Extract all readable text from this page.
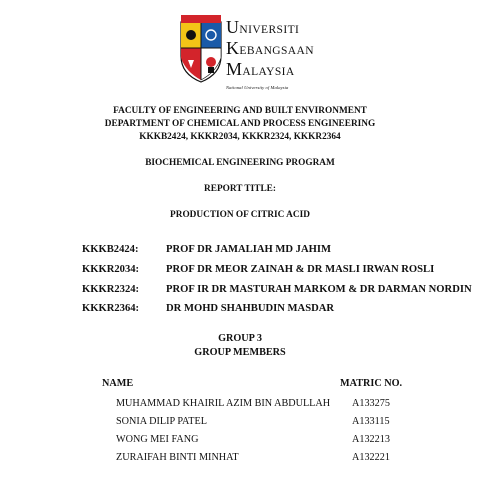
UNIVERSITI
KEBANGSAAN
MALAYSIA
National University of Malaysia
FACULTY OF ENGINEERING AND BUILT ENVIRONMENT
DEPARTMENT OF CHEMICAL AND PROCESS ENGINEERING
KKKB2424, KKKR2034, KKKR2324, KKKR2364
BIOCHEMICAL ENGINEERING PROGRAM
REPORT TITLE:
PRODUCTION OF CITRIC ACID
KKKB2424:	PROF DR JAMALIAH MD JAHIM
KKKR2034:	PROF DR MEOR ZAINAH & DR MASLI IRWAN ROSLI
KKKR2324:	PROF IR DR MASTURAH MARKOM & DR DARMAN NORDIN
KKKR2364:	DR MOHD SHAHBUDIN MASDAR
GROUP 3
GROUP MEMBERS
NAME	MATRIC NO.
MUHAMMAD KHAIRIL AZIM BIN ABDULLAH A133275
SONIA DILIP PATEL	A133115
WONG MEI FANG	A132213
ZURAIFAH BINTI MINHAT	A132221
